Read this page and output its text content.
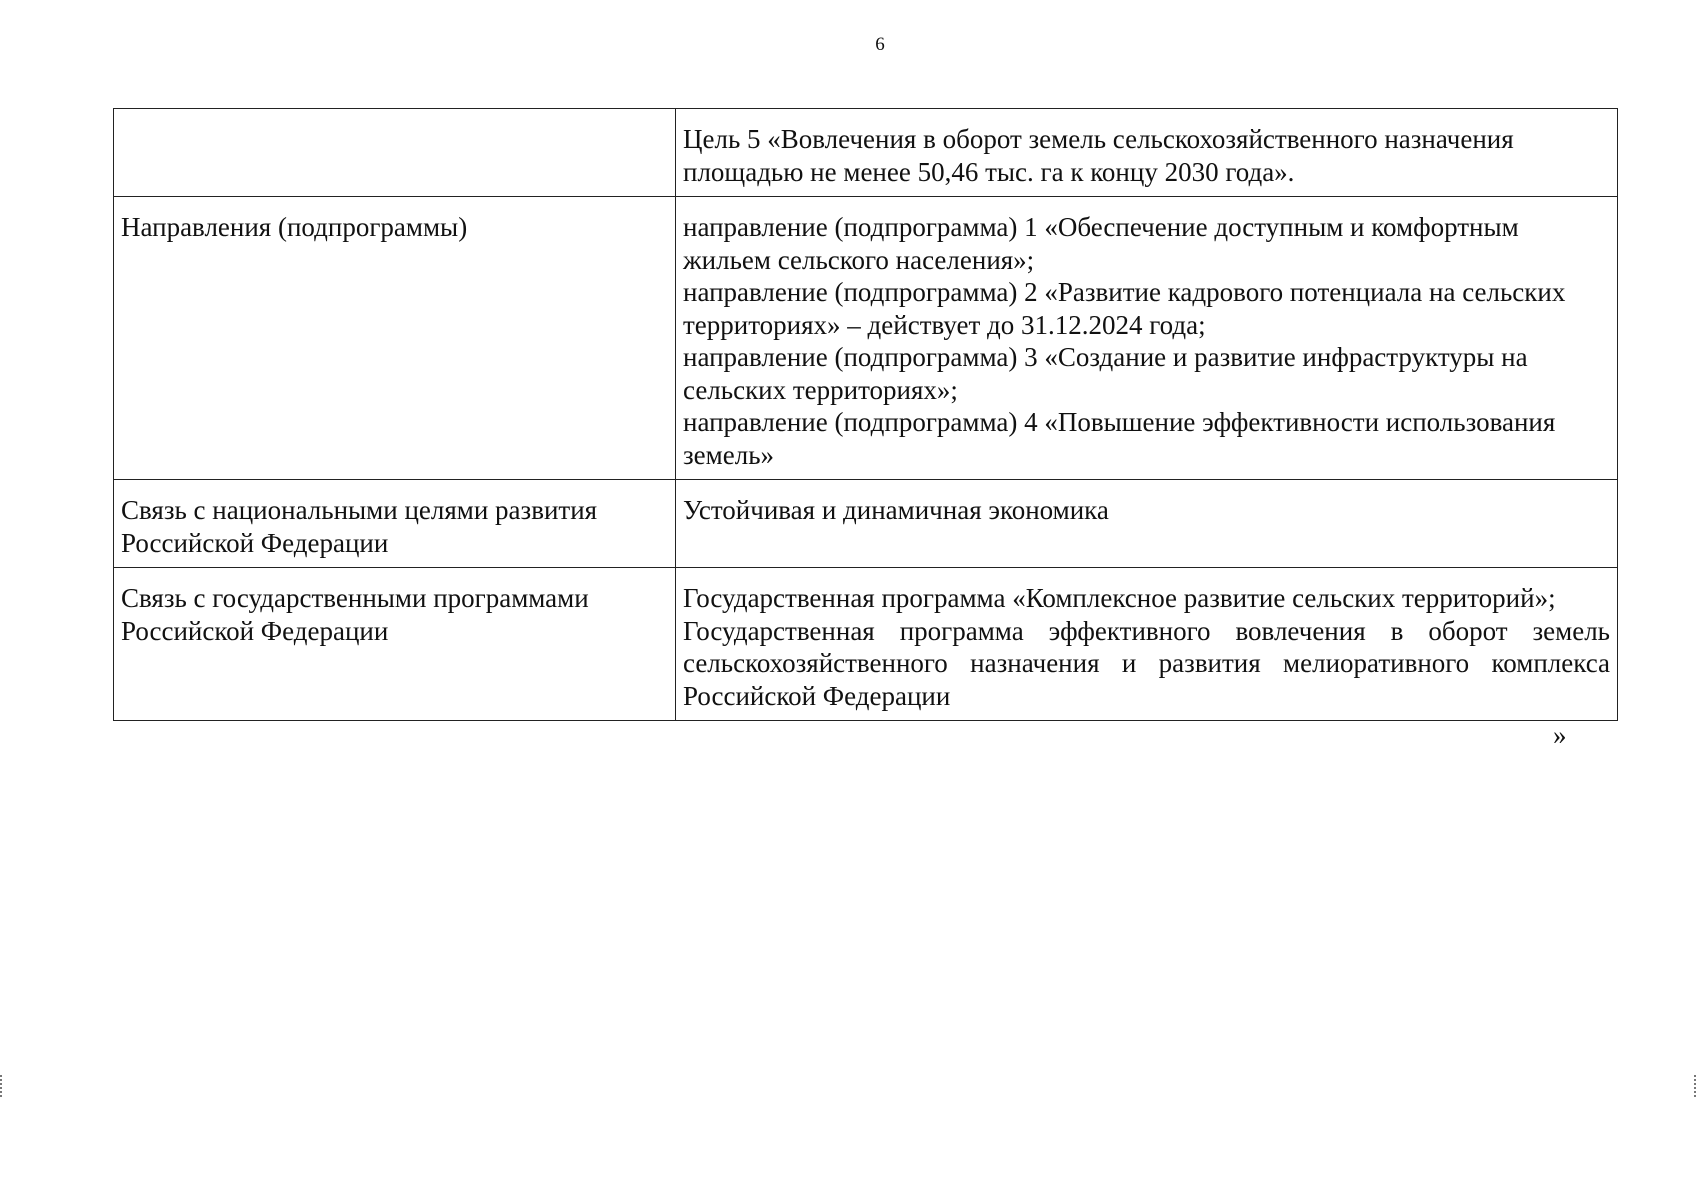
6

	Цель 5 «Вовлечения в оборот земель сельскохозяйственного назначения площадью не менее 50,46 тыс. га к концу 2030 года».

Направления (подпрограммы)	направление (подпрограмма) 1 «Обеспечение доступным и комфортным жильем сельского населения»;
направление (подпрограмма) 2 «Развитие кадрового потенциала на сельских территориях» – действует до 31.12.2024 года;
направление (подпрограмма) 3 «Создание и развитие инфраструктуры на сельских территориях»;
направление (подпрограмма) 4 «Повышение эффективности использования земель»

Связь с национальными целями развития Российской Федерации	Устойчивая и динамичная экономика

Связь с государственными программами Российской Федерации	Государственная программа «Комплексное развитие сельских территорий»;
Государственная программа эффективного вовлечения в оборот земель сельскохозяйственного назначения и развития мелиоративного комплекса Российской Федерации
»
